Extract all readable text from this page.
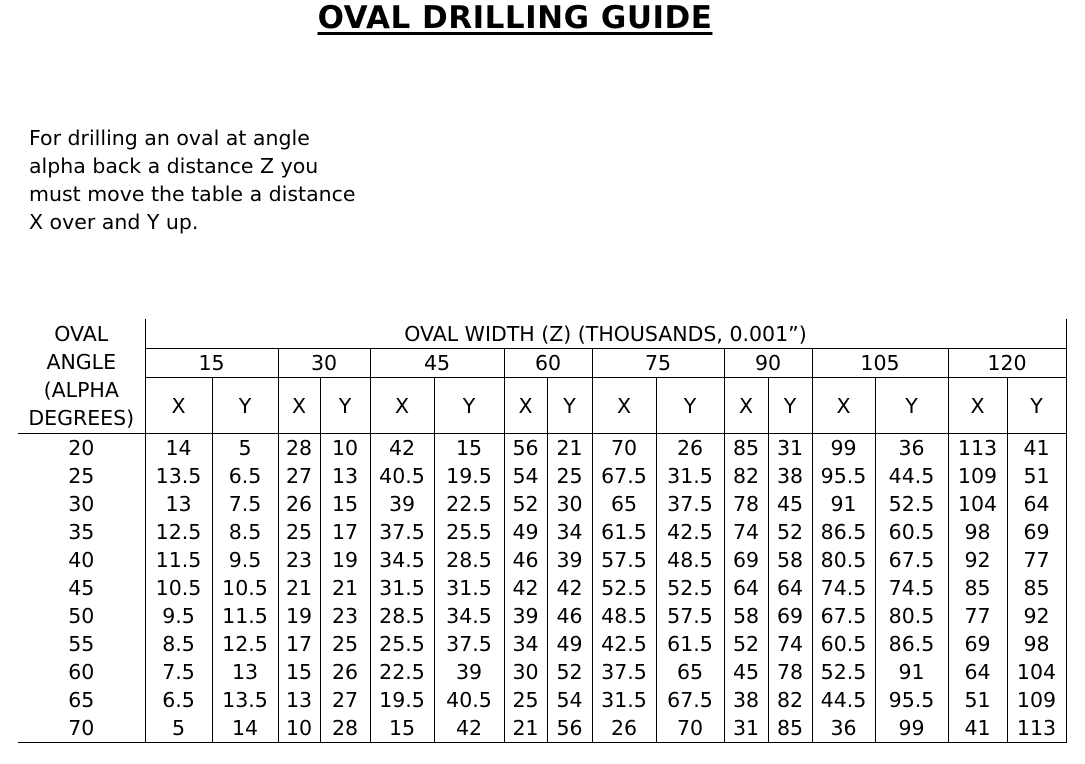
OVAL DRILLING GUIDE
For drilling an oval at angle
alpha back a distance Z you
must move the table a distance
X over and Y up.
OVAL
ANGLE
(ALPHA
DEGREES)	OVAL WIDTH (Z) (THOUSANDS, 0.001”)															
	15		30		45		60		75		90		105		120	
	X	Y	X	Y	X	Y	X	Y	X	Y	X	Y	X	Y	X	Y
20	14	5	28	10	42	15	56	21	70	26	85	31	99	36	113	41
25	13.5	6.5	27	13	40.5	19.5	54	25	67.5	31.5	82	38	95.5	44.5	109	51
30	13	7.5	26	15	39	22.5	52	30	65	37.5	78	45	91	52.5	104	64
35	12.5	8.5	25	17	37.5	25.5	49	34	61.5	42.5	74	52	86.5	60.5	98	69
40	11.5	9.5	23	19	34.5	28.5	46	39	57.5	48.5	69	58	80.5	67.5	92	77
45	10.5	10.5	21	21	31.5	31.5	42	42	52.5	52.5	64	64	74.5	74.5	85	85
50	9.5	11.5	19	23	28.5	34.5	39	46	48.5	57.5	58	69	67.5	80.5	77	92
55	8.5	12.5	17	25	25.5	37.5	34	49	42.5	61.5	52	74	60.5	86.5	69	98
60	7.5	13	15	26	22.5	39	30	52	37.5	65	45	78	52.5	91	64	104
65	6.5	13.5	13	27	19.5	40.5	25	54	31.5	67.5	38	82	44.5	95.5	51	109
70	5	14	10	28	15	42	21	56	26	70	31	85	36	99	41	113
